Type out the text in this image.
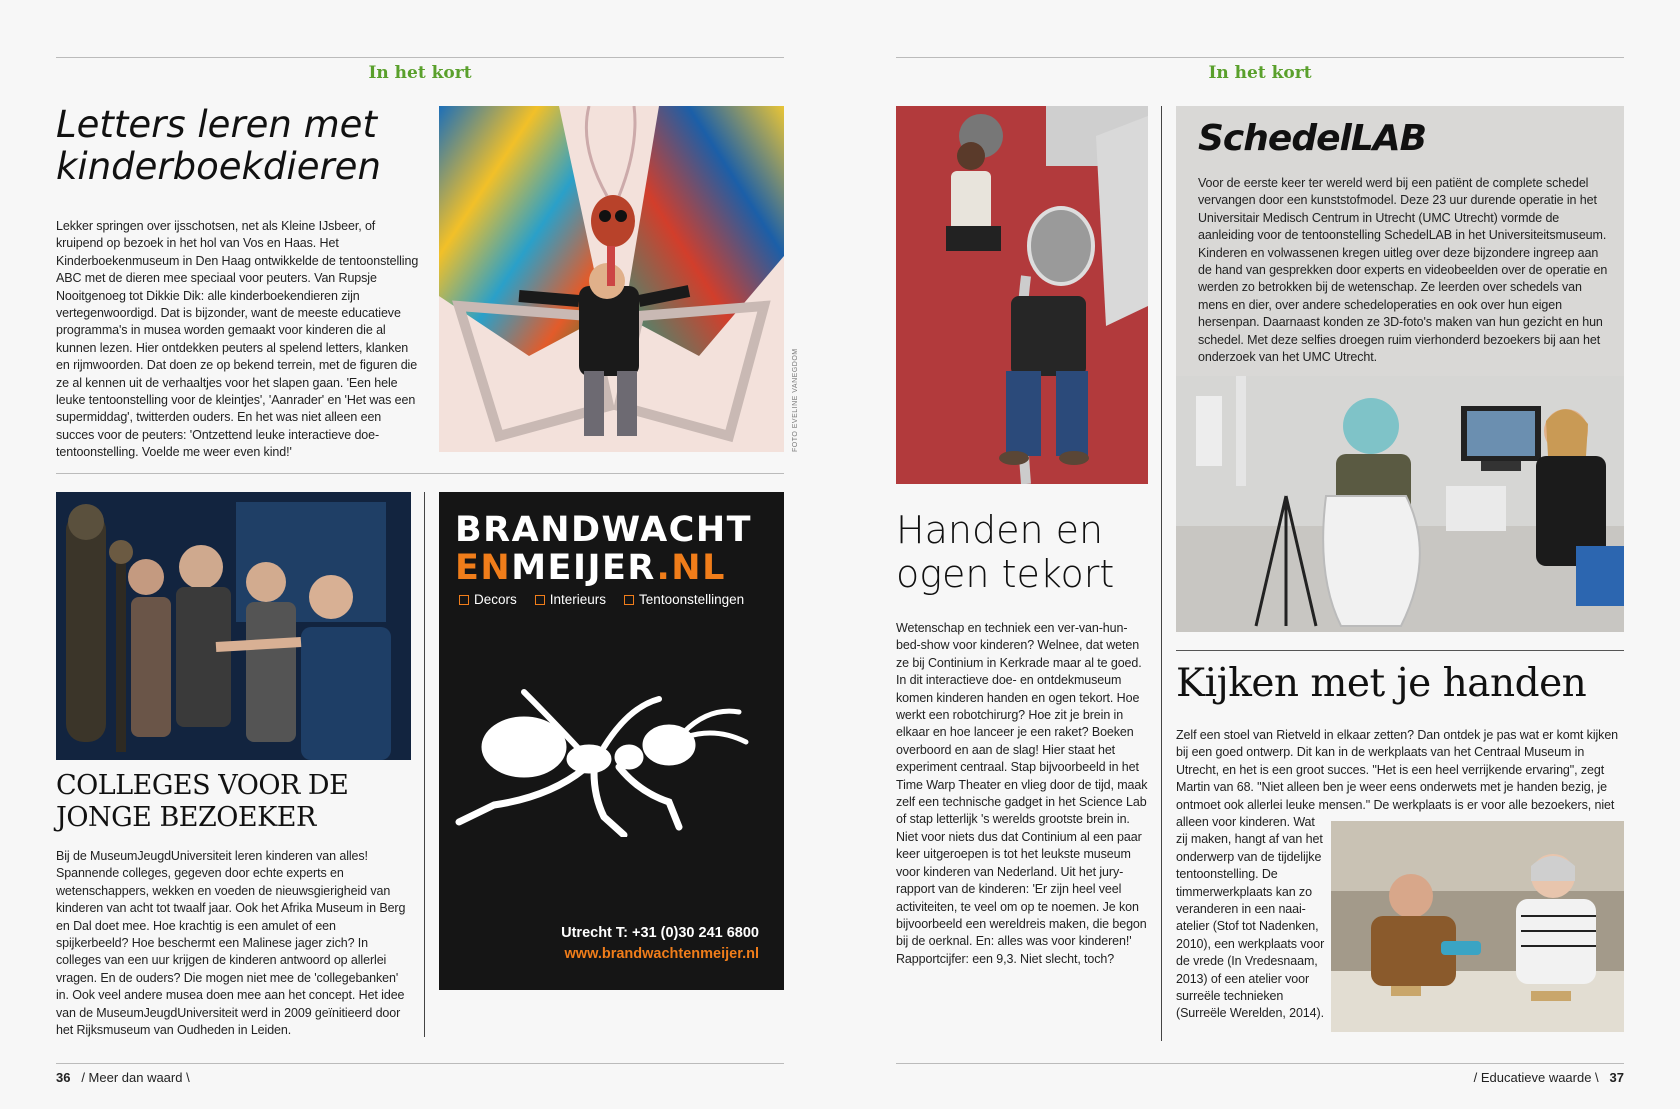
In het kort
Letters leren met
kinderboekdieren
Lekker springen over ijsschotsen, net als Kleine IJsbeer, of kruipend op bezoek in het hol van Vos en Haas. Het Kinderboekenmuseum in Den Haag ontwikkelde de tentoonstelling ABC met de dieren mee speciaal voor peuters. Van Rupsje Nooitgenoeg tot Dikkie Dik: alle kinderboekendieren zijn vertegenwoordigd. Dat is bijzonder, want de meeste educatieve programma's in musea worden gemaakt voor kinderen die al kunnen lezen. Hier ontdekken peuters al spelend letters, klanken en rijmwoorden. Dat doen ze op bekend terrein, met de figuren die ze al kennen uit de verhaaltjes voor het slapen gaan. 'Een hele leuke tentoonstelling voor de kleintjes', 'Aanrader' en 'Het was een supermiddag', twitterden ouders. En het was niet alleen een succes voor de peuters: 'Ontzettend leuke interactieve doe-tentoonstelling. Voelde me weer even kind!'
FOTO EVELINE VANEGDOM
COLLEGES VOOR DE
JONGE BEZOEKER
Bij de MuseumJeugdUniversiteit leren kinderen van alles! Spannende colleges, gegeven door echte experts en wetenschappers, wekken en voeden de nieuwsgierigheid van kinderen van acht tot twaalf jaar. Ook het Afrika Museum in Berg en Dal doet mee. Hoe krachtig is een amulet of een spijkerbeeld? Hoe beschermt een Malinese jager zich? In colleges van een uur krijgen de kinderen antwoord op allerlei vragen. En de ouders? Die mogen niet mee de 'collegebanken' in. Ook veel andere musea doen mee aan het concept. Het idee van de MuseumJeugdUniversiteit werd in 2009 geïnitieerd door het Rijksmuseum van Oudheden in Leiden.
BRANDWACHT
ENMEIJER.NL
Decors	Interieurs	Tentoonstellingen
Utrecht T: +31 (0)30 241 6800
www.brandwachtenmeijer.nl
36 / Meer dan waard \
In het kort
Handen en
ogen tekort
Wetenschap en techniek een ver-van-hun-bed-show voor kinderen? Welnee, dat weten ze bij Continium in Kerkrade maar al te goed. In dit interactieve doe- en ontdekmuseum komen kinderen handen en ogen tekort. Hoe werkt een robotchirurg? Hoe zit je brein in elkaar en hoe lanceer je een raket? Boeken overboord en aan de slag! Hier staat het experiment centraal. Stap bijvoorbeeld in het Time Warp Theater en vlieg door de tijd, maak zelf een technische gadget in het Science Lab of stap letterlijk 's werelds grootste brein in. Niet voor niets dus dat Continium al een paar keer uitgeroepen is tot het leukste museum voor kinderen van Nederland. Uit het jury-rapport van de kinderen: 'Er zijn heel veel activiteiten, te veel om op te noemen. Je kon bijvoorbeeld een wereldreis maken, die begon bij de oerknal. En: alles was voor kinderen!' Rapportcijfer: een 9,3. Niet slecht, toch?
SchedelLAB
Voor de eerste keer ter wereld werd bij een patiënt de complete schedel vervangen door een kunststofmodel. Deze 23 uur durende operatie in het Universitair Medisch Centrum in Utrecht (UMC Utrecht) vormde de aanleiding voor de tentoonstelling SchedelLAB in het Universiteitsmuseum. Kinderen en volwassenen kregen uitleg over deze bijzondere ingreep aan de hand van gesprekken door experts en videobeelden over de operatie en werden zo betrokken bij de wetenschap. Ze leerden over schedels van mens en dier, over andere schedeloperaties en ook over hun eigen hersenpan. Daarnaast konden ze 3D-foto's maken van hun gezicht en hun schedel. Met deze selfies droegen ruim vierhonderd bezoekers bij aan het onderzoek van het UMC Utrecht.
Kijken met je handen
Zelf een stoel van Rietveld in elkaar zetten? Dan ontdek je pas wat er komt kijken bij een goed ontwerp. Dit kan in de werkplaats van het Centraal Museum in Utrecht, en het is een groot succes. "Het is een heel verrijkende ervaring", zegt Martin van 68. "Niet alleen ben je weer eens onderwets met je handen bezig, je ontmoet ook allerlei leuke mensen." De werkplaats is er voor alle bezoekers, niet
alleen voor kinderen. Wat zij maken, hangt af van het onderwerp van de tijdelijke tentoonstelling. De timmerwerkplaats kan zo veranderen in een naai-atelier (Stof tot Nadenken, 2010), een werkplaats voor de vrede (In Vredesnaam, 2013) of een atelier voor surreële technieken (Surreële Werelden, 2014).
/ Educatieve waarde \ 37
